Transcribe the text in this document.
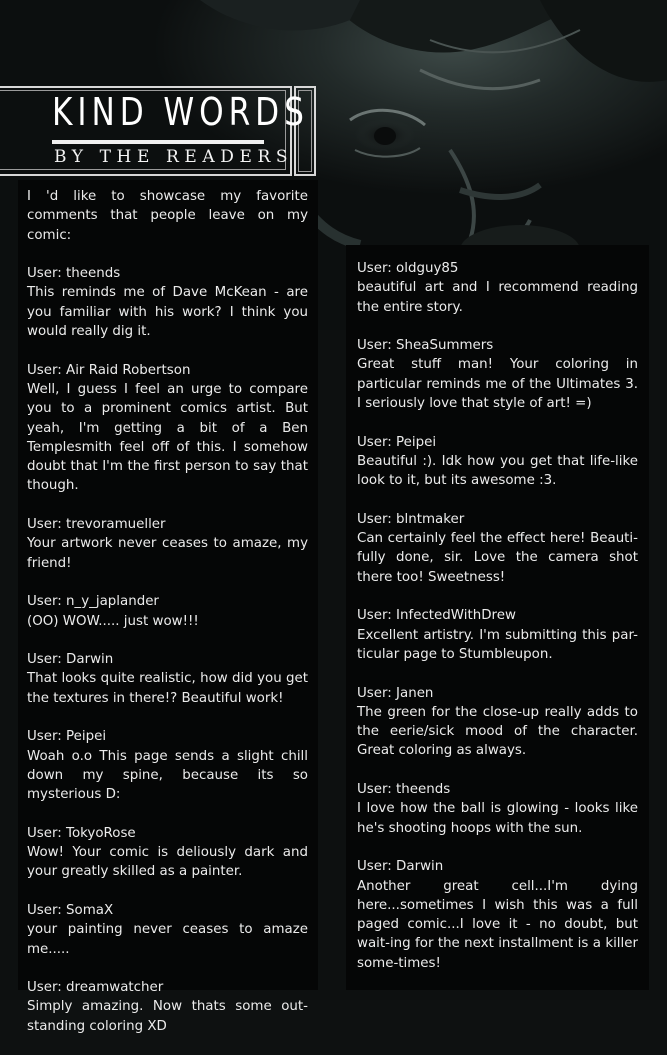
KIND WORDS
BY THE READERS

I 'd like to showcase my favorite comments that people leave on my comic:

User: theends
This reminds me of Dave McKean - are you familiar with his work? I think you would really dig it.
User: Air Raid Robertson
Well, I guess I feel an urge to compare you to a prominent comics artist. But yeah, I'm getting a bit of a Ben Templesmith feel off of this. I somehow doubt that I'm the first person to say that though.
User: trevoramueller
Your artwork never ceases to amaze, my friend!
User: n_y_japlander
(OO) WOW..... just wow!!!
User: Darwin
That looks quite realistic, how did you get the textures in there!? Beautiful work!
User: Peipei
Woah o.o This page sends a slight chill down my spine, because its so mysterious D:
User: TokyoRose
Wow! Your comic is deliously dark and your greatly skilled as a painter.
User: SomaX
your painting never ceases to amaze me.....
User: dreamwatcher
Simply amazing. Now thats some out-standing coloring XD
User: oldguy85
beautiful art and I recommend reading the entire story.
User: SheaSummers
Great stuff man! Your coloring in particular reminds me of the Ultimates 3. I seriously love that style of art! =)
User: Peipei
Beautiful :). Idk how you get that life-like look to it, but its awesome :3.
User: blntmaker
Can certainly feel the effect here! Beauti-fully done, sir. Love the camera shot there too! Sweetness!
User: InfectedWithDrew
Excellent artistry. I'm submitting this par-ticular page to Stumbleupon.
User: Janen
The green for the close-up really adds to the eerie/sick mood of the character. Great coloring as always.
User: theends
I love how the ball is glowing - looks like he's shooting hoops with the sun.
User: Darwin
Another great cell...I'm dying here...sometimes I wish this was a full paged comic...I love it - no doubt, but wait-ing for the next installment is a killer some-times!
